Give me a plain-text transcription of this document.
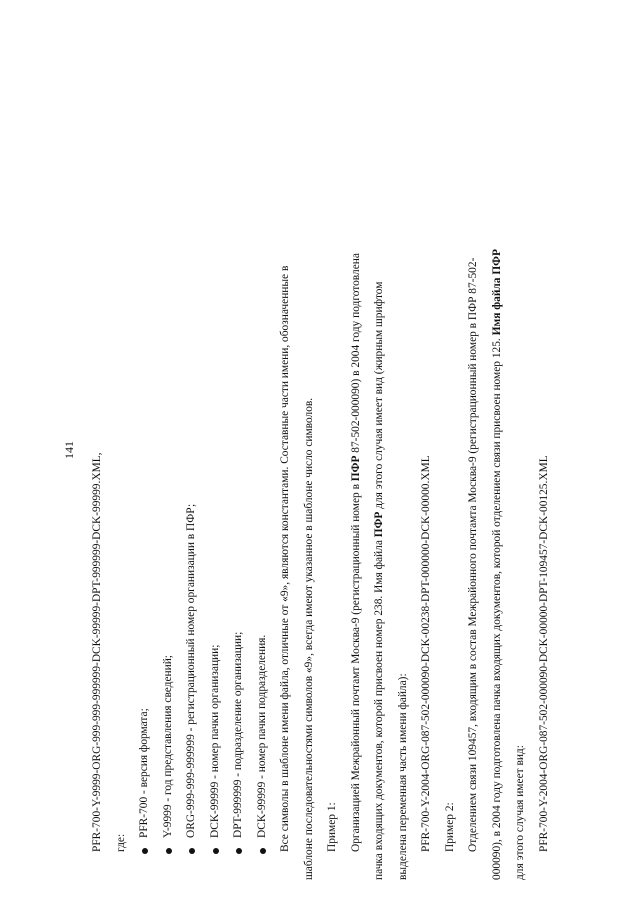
141
PFR-700-Y-9999-ORG-999-999-999999-DCK-99999-DPT-999999-DCK-99999.XML,	где:
PFR-700 - версия формата;	Y-9999 - год представления сведений;	ORG-999-999-999999 - регистрационный номер организации в ПФР;	DCK-99999 - номер пачки организации;	DPT-999999 - подразделение организации;	DCK-99999 - номер пачки подразделения.	Все символы в шаблоне имени файла, отличные от «9», являются константами. Составные части имени, обозначенные в	шаблоне последовательностями символов «9», всегда имеют указанное в шаблоне число символов.	Пример 1:	Организацией Межрайонный почтамт Москва-9 (регистрационный номер в ПФР 87-502-000090) в 2004 году подготовлена
пачка входящих документов, которой присвоен номер 238. Имя файла ПФР для этого случая имеет вид (жирным шрифтом
выделена переменная часть имени файла):	PFR-700-Y-2004-ORG-087-502-000090-DCK-00238-DPT-000000-DCK-00000.XML	Пример 2:	Отделением связи 109457, входящим в состав Межрайонного почтамта Москва-9 (регистрационный номер в ПФР 87-502-	000090), в 2004 году подготовлена пачка входящих документов, которой отделением связи присвоен номер 125. Имя файла ПФР
для этого случая имеет вид:	PFR-700-Y-2004-ORG-087-502-000090-DCK-00000-DPT-109457-DCK-00125.XML
